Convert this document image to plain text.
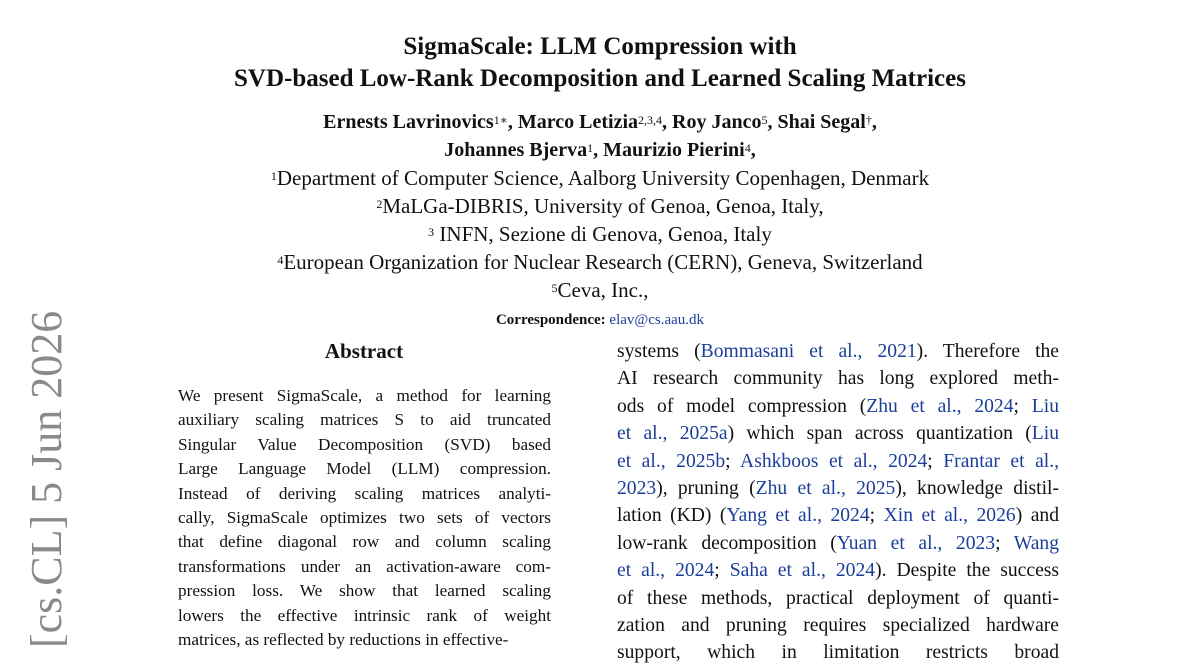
SigmaScale: LLM Compression with
SVD-based Low-Rank Decomposition and Learned Scaling Matrices
Ernests Lavrinovics$^{1∗}$, Marco Letizia$^{2,3,4}$, Roy Janco$^5$, Shai Segal†,
Johannes Bjerva$^1$, Maurizio Pierini$^4$,
$^1$Department of Computer Science, Aalborg University Copenhagen, Denmark
$^2$MaLGa-DIBRIS, University of Genoa, Genoa, Italy,
$^3$ INFN, Sezione di Genova, Genoa, Italy
$^4$European Organization for Nuclear Research (CERN), Geneva, Switzerland
$^5$Ceva, Inc.,
Correspondence: elav@cs.aau.dk
Abstract
We present SigmaScale, a method for learning
auxiliary scaling matrices S to aid truncated
Singular Value Decomposition (SVD) based
Large Language Model (LLM) compression.
Instead of deriving scaling matrices analyti-
cally, SigmaScale optimizes two sets of vectors
that define diagonal row and column scaling
transformations under an activation-aware com-
pression loss. We show that learned scaling
lowers the effective intrinsic rank of weight
matrices, as reflected by reductions in effective-
systems (Bommasani et al., 2021). Therefore the
AI research community has long explored meth-
ods of model compression (Zhu et al., 2024; Liu
et al., 2025a) which span across quantization (Liu
et al., 2025b; Ashkboos et al., 2024; Frantar et al.,
2023), pruning (Zhu et al., 2025), knowledge distil-
lation (KD) (Yang et al., 2024; Xin et al., 2026) and
low-rank decomposition (Yuan et al., 2023; Wang
et al., 2024; Saha et al., 2024). Despite the success
of these methods, practical deployment of quanti-
zation and pruning requires specialized hardware
support, which in limitation restricts broad
[cs.CL] 5 Jun 2026
